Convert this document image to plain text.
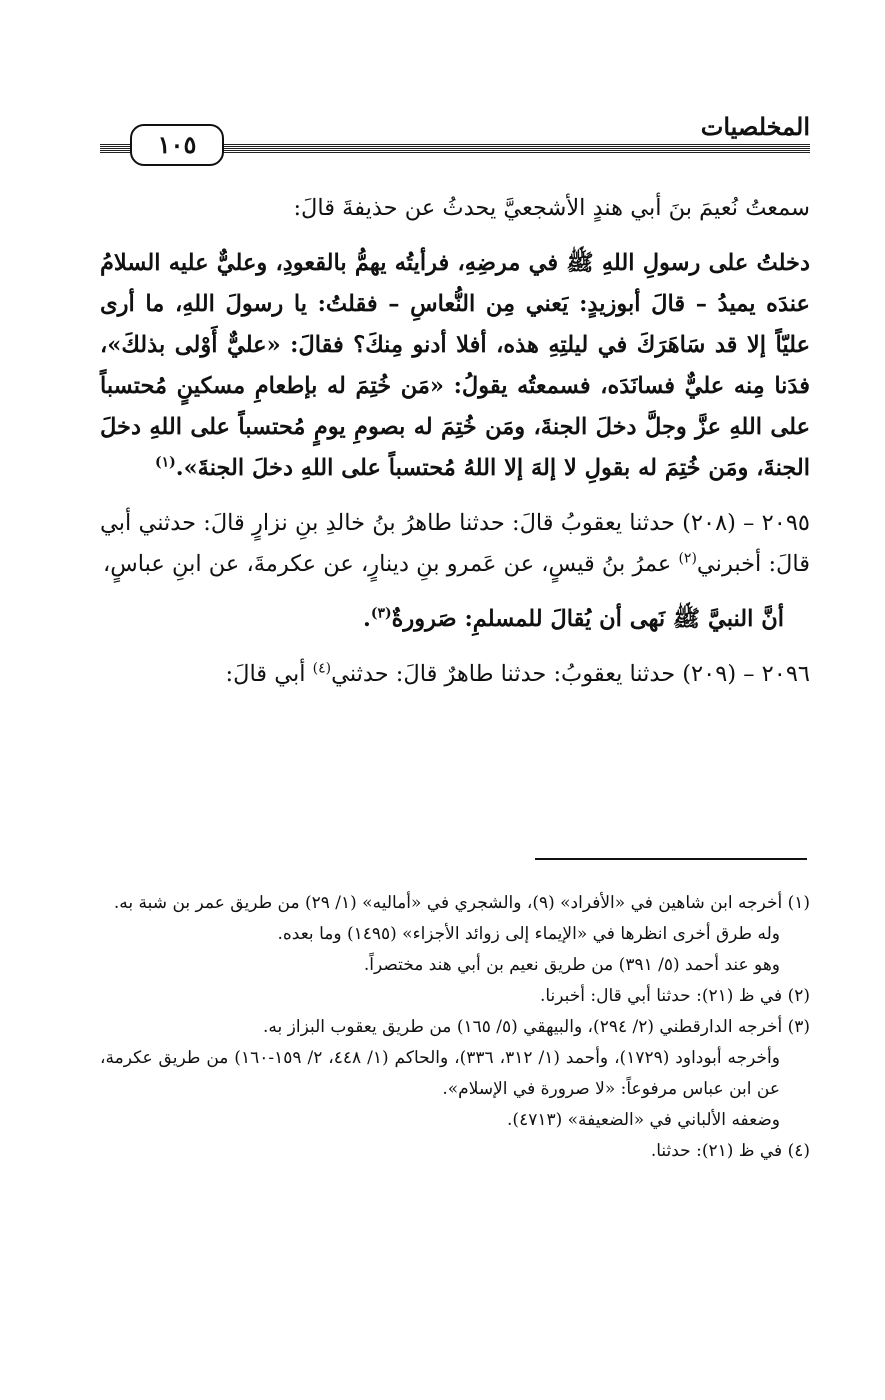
المخلصيات
١٠٥

سمعتُ نُعيمَ بنَ أبي هندٍ الأشجعيَّ يحدثُ عن حذيفةَ قالَ:

دخلتُ على رسولِ اللهِ ﷺ في مرضِهِ، فرأيتُه يهمُّ بالقعودِ، وعليٌّ عليه السلامُ عندَه يميدُ – قالَ أبوزيدٍ: يَعني مِن النُّعاسِ – فقلتُ: يا رسولَ اللهِ، ما أرى عليّاً إلا قد سَاهَرَكَ في ليلتِهِ هذه، أفلا أدنو مِنكَ؟ فقالَ: «عليٌّ أَوْلى بذلكَ»، فدَنا مِنه عليٌّ فسانَدَه، فسمعتُه يقولُ: «مَن خُتِمَ له بإطعامِ مسكينٍ مُحتسباً على اللهِ عزَّ وجلَّ دخلَ الجنةَ، ومَن خُتِمَ له بصومِ يومٍ مُحتسباً على اللهِ دخلَ الجنةَ، ومَن خُتِمَ له بقولِ لا إلهَ إلا اللهُ مُحتسباً على اللهِ دخلَ الجنةَ».$^{(١)}$

٢٠٩٥ – (٢٠٨) حدثنا يعقوبُ قالَ: حدثنا طاهرُ بنُ خالدِ بنِ نزارٍ قالَ: حدثني أبي قالَ: أخبرني$^{(٢)}$ عمرُ بنُ قيسٍ، عن عَمرو بنِ دينارٍ، عن عكرمةَ، عن ابنِ عباسٍ،

أنَّ النبيَّ ﷺ نَهى أن يُقالَ للمسلمِ: صَرورةٌ$^{(٣)}$.

٢٠٩٦ – (٢٠٩) حدثنا يعقوبُ: حدثنا طاهرٌ قالَ: حدثني$^{(٤)}$ أبي قالَ:

(١) أخرجه ابن شاهين في «الأفراد» (٩)، والشجري في «أماليه» (١/ ٢٩) من طريق عمر بن شبة به.

وله طرق أخرى انظرها في «الإيماء إلى زوائد الأجزاء» (١٤٩٥) وما بعده.

وهو عند أحمد (٥/ ٣٩١) من طريق نعيم بن أبي هند مختصراً.

(٢) في ظ (٢١): حدثنا أبي قال: أخبرنا.

(٣) أخرجه الدارقطني (٢/ ٢٩٤)، والبيهقي (٥/ ١٦٥) من طريق يعقوب البزاز به.

وأخرجه أبوداود (١٧٢٩)، وأحمد (١/ ٣١٢، ٣٣٦)، والحاكم (١/ ٤٤٨، ٢/ ١٥٩-١٦٠) من طريق عكرمة، عن ابن عباس مرفوعاً: «لا صرورة في الإسلام».

وضعفه الألباني في «الضعيفة» (٤٧١٣).

(٤) في ظ (٢١): حدثنا.
